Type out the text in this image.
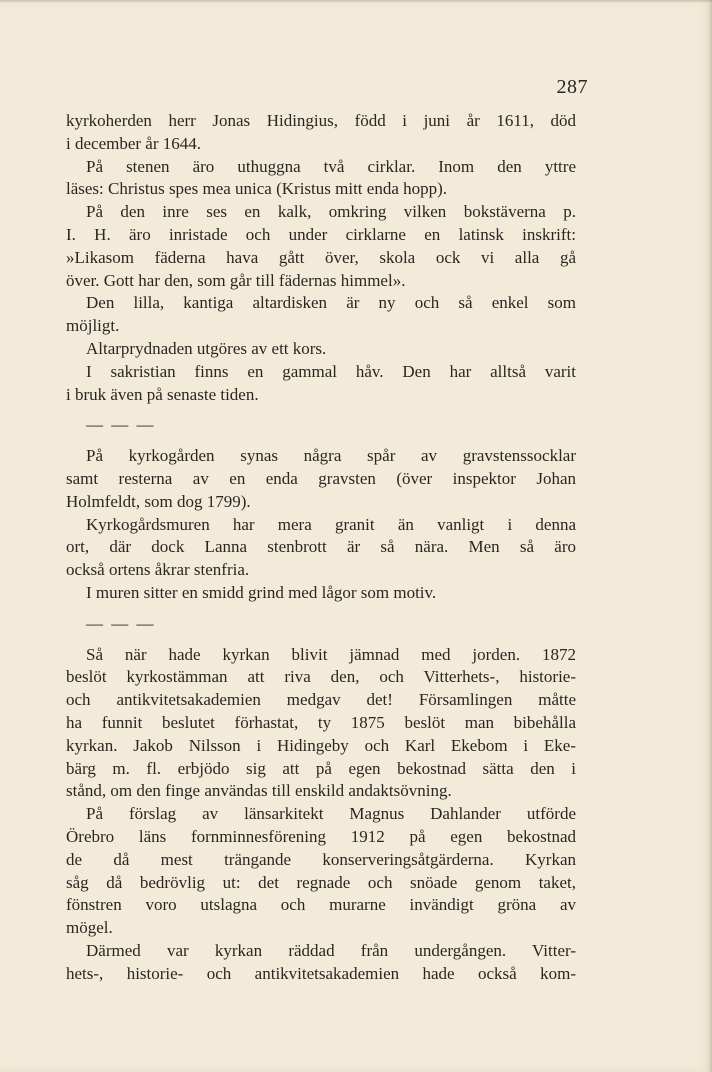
287
kyrkoherden herr Jonas Hidingius, född i juni år 1611, död
i december år 1644.
På stenen äro uthuggna två cirklar. Inom den yttre
läses: Christus spes mea unica (Kristus mitt enda hopp).
På den inre ses en kalk, omkring vilken bokstäverna p.
I. H. äro inristade och under cirklarne en latinsk inskrift:
»Likasom fäderna hava gått över, skola ock vi alla gå
över. Gott har den, som går till fädernas himmel».
Den lilla, kantiga altardisken är ny och så enkel som
möjligt.
Altarprydnaden utgöres av ett kors.
I sakristian finns en gammal håv. Den har alltså varit
i bruk även på senaste tiden.
— — —
På kyrkogården synas några spår av gravstenssocklar
samt resterna av en enda gravsten (över inspektor Johan
Holmfeldt, som dog 1799).
Kyrkogårdsmuren har mera granit än vanligt i denna
ort, där dock Lanna stenbrott är så nära. Men så äro
också ortens åkrar stenfria.
I muren sitter en smidd grind med lågor som motiv.
— — —
Så när hade kyrkan blivit jämnad med jorden. 1872
beslöt kyrkostämman att riva den, och Vitterhets-, historie-
och antikvitetsakademien medgav det! Församlingen måtte
ha funnit beslutet förhastat, ty 1875 beslöt man bibehålla
kyrkan. Jakob Nilsson i Hidingeby och Karl Ekebom i Eke-
bärg m. fl. erbjödo sig att på egen bekostnad sätta den i
stånd, om den finge användas till enskild andaktsövning.
På förslag av länsarkitekt Magnus Dahlander utförde
Örebro läns fornminnesförening 1912 på egen bekostnad
de då mest trängande konserveringsåtgärderna. Kyrkan
såg då bedrövlig ut: det regnade och snöade genom taket,
fönstren voro utslagna och murarne invändigt gröna av
mögel.
Därmed var kyrkan räddad från undergången. Vitter-
hets-, historie- och antikvitetsakademien hade också kom-
